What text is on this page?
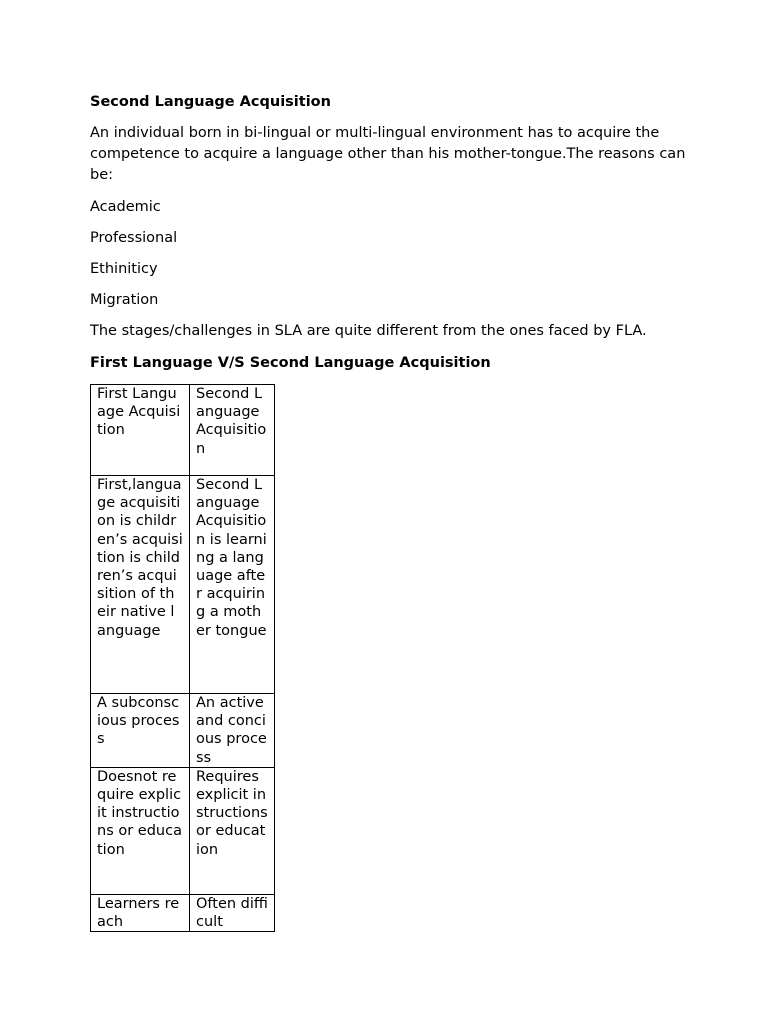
Second Language Acquisition
An individual born in bi-lingual or multi-lingual environment has to acquire the competence to acquire a language other than his mother-tongue.The reasons can be:
Academic
Professional
Ethinitic​y
Migration
The stages/challenges in SLA are quite different from the ones faced by FLA.
First Language V/S Second Language Acquisition
First Language Acquisition	Second Language Acquisition
First,language acquisition is children’s acquisition is children’s acquisition of their native language	Second Language Acquisition is learning a language after acquiring a mother tongue
A subconscious process	An active and concious process
Doesnot require explicit instructions or education	Requires explicit instructions or education
Learners reach	Often difficult
